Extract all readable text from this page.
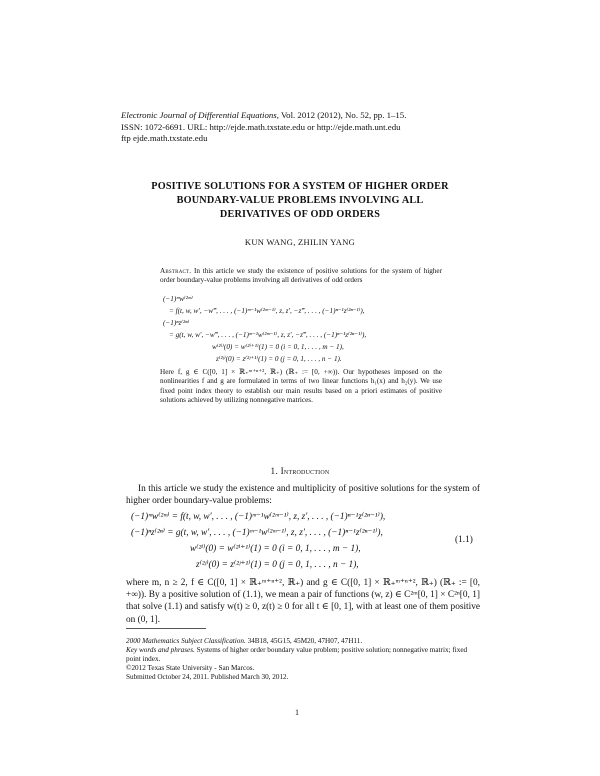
Electronic Journal of Differential Equations, Vol. 2012 (2012), No. 52, pp. 1–15.
ISSN: 1072-6691. URL: http://ejde.math.txstate.edu or http://ejde.math.unt.edu
ftp ejde.math.txstate.edu
POSITIVE SOLUTIONS FOR A SYSTEM OF HIGHER ORDER
BOUNDARY-VALUE PROBLEMS INVOLVING ALL
DERIVATIVES OF ODD ORDERS
KUN WANG, ZHILIN YANG
Abstract. In this article we study the existence of positive solutions for the system of higher order boundary-value problems involving all derivatives of odd orders
(−1)ᵐw⁽²ᵐ⁾
= f(t, w, w′, −w‴, . . . , (−1)ᵐ⁻¹w⁽²ᵐ⁻¹⁾, z, z′, −z‴, . . . , (−1)ⁿ⁻¹z⁽²ⁿ⁻¹⁾),
(−1)ⁿz⁽²ⁿ⁾
= g(t, w, w′, −w‴, . . . , (−1)ᵐ⁻¹w⁽²ᵐ⁻¹⁾, z, z′, −z‴, . . . , (−1)ⁿ⁻¹z⁽²ⁿ⁻¹⁾),
w⁽²ⁱ⁾(0) = w⁽²ⁱ⁺¹⁾(1) = 0 (i = 0, 1, . . . , m − 1),
z⁽²ʲ⁾(0) = z⁽²ʲ⁺¹⁾(1) = 0 (j = 0, 1, . . . , n − 1).
Here f, g ∈ C([0, 1] × ℝ₊ᵐ⁺ⁿ⁺², ℝ₊) (ℝ₊ := [0, +∞)). Our hypotheses imposed on the nonlinearities f and g are formulated in terms of two linear functions h₁(x) and h₂(y). We use fixed point index theory to establish our main results based on a priori estimates of positive solutions achieved by utilizing nonnegative matrices.
1. Introduction
In this article we study the existence and multiplicity of positive solutions for the system of higher order boundary-value problems:
(−1)ᵐw⁽²ᵐ⁾ = f(t, w, w′, . . . , (−1)ᵐ⁻¹w⁽²ᵐ⁻¹⁾, z, z′, . . . , (−1)ⁿ⁻¹z⁽²ⁿ⁻¹⁾),
(−1)ⁿz⁽²ⁿ⁾ = g(t, w, w′, . . . , (−1)ᵐ⁻¹w⁽²ᵐ⁻¹⁾, z, z′, . . . , (−1)ⁿ⁻¹z⁽²ⁿ⁻¹⁾),
w⁽²ⁱ⁾(0) = w⁽²ⁱ⁺¹⁾(1) = 0 (i = 0, 1, . . . , m − 1),
z⁽²ʲ⁾(0) = z⁽²ʲ⁺¹⁾(1) = 0 (j = 0, 1, . . . , n − 1),
(1.1)
where m, n ≥ 2, f ∈ C([0, 1] × ℝ₊ᵐ⁺ⁿ⁺², ℝ₊) and g ∈ C([0, 1] × ℝ₊ᵐ⁺ⁿ⁺², ℝ₊) (ℝ₊ := [0, +∞)). By a positive solution of (1.1), we mean a pair of functions (w, z) ∈ C²ᵐ[0, 1] × C²ⁿ[0, 1] that solve (1.1) and satisfy w(t) ≥ 0, z(t) ≥ 0 for all t ∈ [0, 1], with at least one of them positive on (0, 1].
2000 Mathematics Subject Classification. 34B18, 45G15, 45M20, 47H07, 47H11.
Key words and phrases. Systems of higher order boundary value problem; positive solution; nonnegative matrix; fixed point index.
©2012 Texas State University - San Marcos.
Submitted October 24, 2011. Published March 30, 2012.
1
